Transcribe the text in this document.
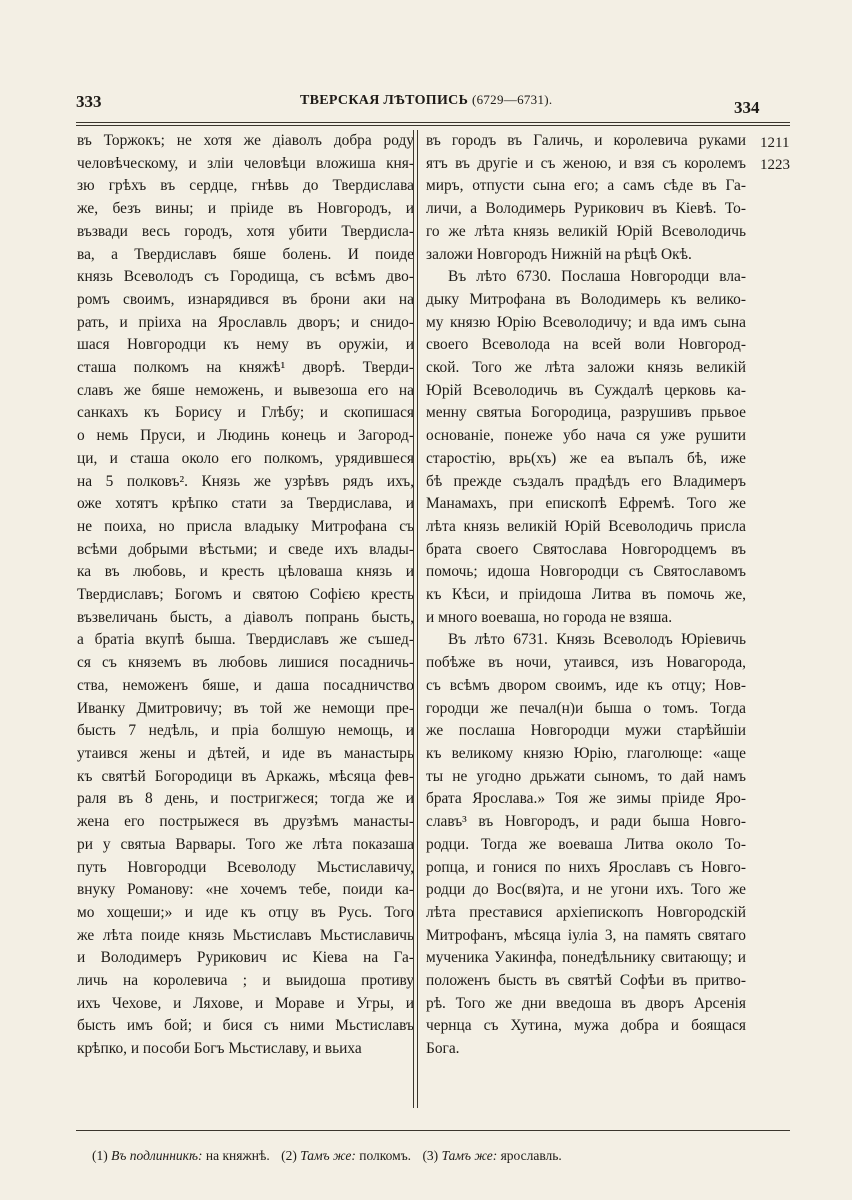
333	ТВЕРСКАЯ ЛѢТОПИСЬ (6729—6731).	334
въ Торжокъ; не хотя же діаволъ добра роду
человѣческому, и злiи человѣци вложиша кня-
зю грѣхъ въ сердце, гнѣвь до Твердислава
же, безъ вины; и пріиде въ Новгородъ, и
възвади весь городъ, хотя убити Твердисла-
ва, а Твердиславъ бяше болень. И поиде
князь Всеволодъ съ Городища, съ всѣмъ дво-
ромъ своимъ, изнарядився въ брони аки на
рать, и пріиха на Ярославль дворъ; и снидо-
шася Новгородци къ нему въ оружіи, и
сташа полкомъ на княжѣ¹ дворѣ. Тверди-
славъ же бяше неможень, и вывезоша его на
санкахъ къ Борису и Глѣбу; и скопишася
о немь Пруси, и Людинь конець и Загород-
ци, и сташа около его полкомъ, урядившеся
на 5 полковъ². Князь же узрѣвъ рядъ ихъ,
оже хотятъ крѣпко стати за Твердислава, и
не поиха, но присла владыку Митрофана съ
всѣми добрыми вѣстьми; и сведе ихъ влады-
ка въ любовь, и кресть цѣловаша князь и
Твердиславъ; Богомъ и святою Софією кресть
възвеличань бысть, а діаволъ попрань бысть,
а братіа вкупѣ быша. Твердиславъ же съшед-
ся съ княземъ въ любовь лишися посадничь-
ства, неможенъ бяше, и даша посадничство
Иванку Дмитровичу; въ той же немощи пре-
бысть 7 недѣль, и пріа болшую немощь, и
утаився жены и дѣтей, и иде въ манастырь
къ святѣй Богородици въ Аркажь, мѣсяца фев-
раля въ 8 день, и постригжеся; тогда же и
жена его пострыжеся въ друзѣмъ манасты-
ри у святыа Варвары. Того же лѣта показаша
путь Новгородци Всеволоду Мьстиславичу,
внуку Романову: «не хочемъ тебе, поиди ка-
мо хощеши;» и иде къ отцу въ Русь. Того
же лѣта поиде князь Мьстиславъ Мьстиславичь
и Володимеръ Рурикович ис Кіева на Га-
личь на королевича ; и выидоша противу
ихъ Чехове, и Ляхове, и Мораве и Угры, и
бысть имъ бой; и бися съ ними Мьстиславъ
крѣпко, и пособи Богъ Мьстиславу, и вьиха
въ городъ въ Галичь, и королевича руками
ятъ въ другіе и съ женою, и взя съ королемъ
миръ, отпусти сына его; а самъ сѣде въ Га-
личи, а Володимерь Рурикович въ Кіевѣ. То-
го же лѣта князь великій Юрій Всеволодичь
заложи Новгородъ Нижній на рѣцѣ Окѣ.
Въ лѣто 6730. Послаша Новгородци вла-
дыку Митрофана въ Володимерь къ велико-
му князю Юрію Всеволодичу; и вда имъ сына
своего Всеволода на всей воли Новгород-
ской. Того же лѣта заложи князь великій
Юрій Всеволодичь въ Суждалѣ церковь ка-
менну святыа Богородица, разрушивъ прьвое
основаніе, понеже убо нача ся уже рушити
старостію, врь(хъ) же еа въпалъ бѣ, иже
бѣ прежде създалъ прадѣдъ его Владимеръ
Манамахъ, при епископѣ Ефремѣ. Того же
лѣта князь великій Юрій Всеволодичь присла
брата своего Святослава Новгородцемъ въ
помочь; идоша Новгородци съ Святославомъ
къ Кѣси, и пріидоша Литва въ помочь же,
и много воеваша, но города не взяша.
Въ лѣто 6731. Князь Всеволодъ Юріевичь
побѣже въ ночи, утаився, изъ Новагорода,
съ всѣмъ двором своимъ, иде къ отцу; Нов-
городци же печал(н)и быша о томъ. Тогда
же послаша Новгородци мужи старѣйшiи
къ великому князю Юрію, глаголюще: «аще
ты не угодно дрьжати сыномъ, то дай намъ
брата Ярослава.» Тоя же зимы пріиде Яро-
славъ³ въ Новгородъ, и ради быша Новго-
родци. Тогда же воеваша Литва около То-
ропца, и гонися по нихъ Ярославъ съ Новго-
родци до Вос(вя)та, и не угони ихъ. Того же
лѣта преставися архіепископъ Новгородскій
Митрофанъ, мѣсяца іуліа 3, на память святаго
мученика Уакинфа, понедѣльнику свитающу; и
положенъ бысть въ святѣй Софѣи въ притво-
рѣ. Того же дни введоша въ дворъ Арсенія
чернца съ Хутина, мужа добра и боящася
Бога.
1211
1223
(1) Въ подлинникѣ: на княжнѣ. (2) Тамъ же: полкомъ. (3) Тамъ же: ярославль.
